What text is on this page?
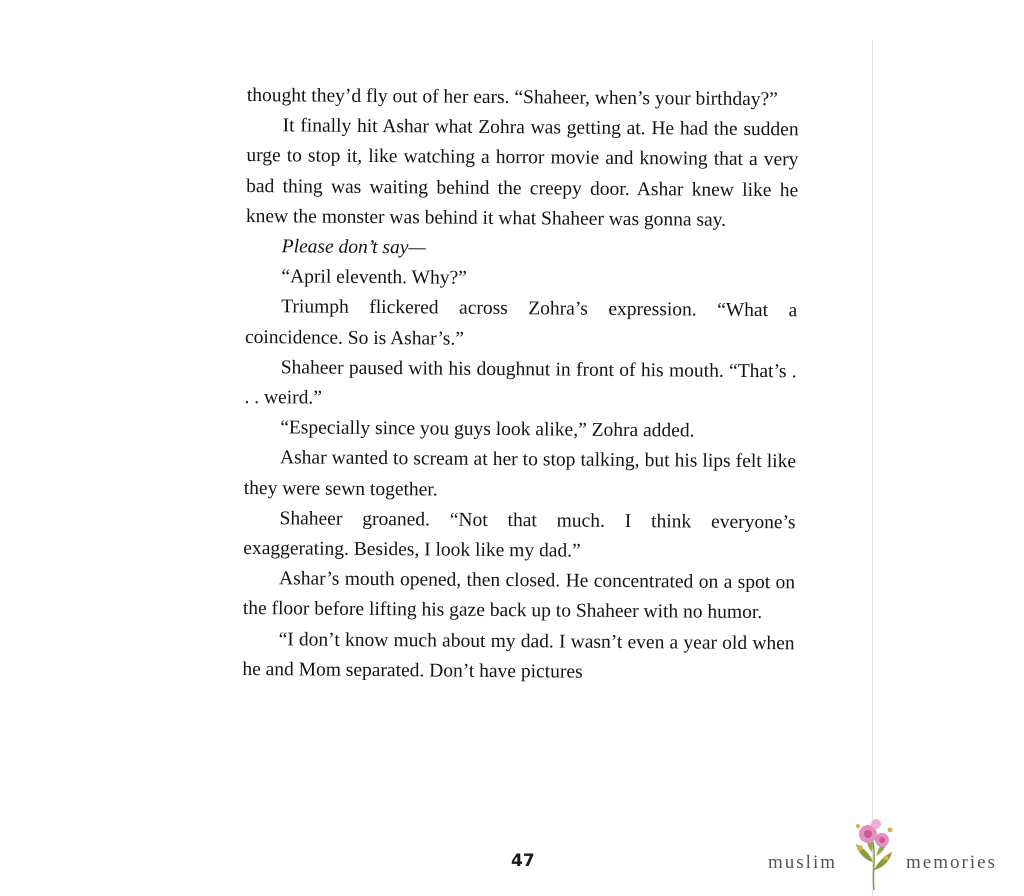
thought they’d fly out of her ears. “Shaheer, when’s your birthday?”

It finally hit Ashar what Zohra was getting at. He had the sudden urge to stop it, like watching a horror movie and knowing that a very bad thing was waiting behind the creepy door. Ashar knew like he knew the monster was behind it what Shaheer was gonna say.

Please don’t say—

“April eleventh. Why?”

Triumph flickered across Zohra’s expression. “What a coincidence. So is Ashar’s.”

Shaheer paused with his doughnut in front of his mouth. “That’s . . . weird.”

“Especially since you guys look alike,” Zohra added.

Ashar wanted to scream at her to stop talking, but his lips felt like they were sewn together.

Shaheer groaned. “Not that much. I think everyone’s exaggerating. Besides, I look like my dad.”

Ashar’s mouth opened, then closed. He concentrated on a spot on the floor before lifting his gaze back up to Shaheer with no humor.

“I don’t know much about my dad. I wasn’t even a year old when he and Mom separated. Don’t have pictures

47	muslim	memories
